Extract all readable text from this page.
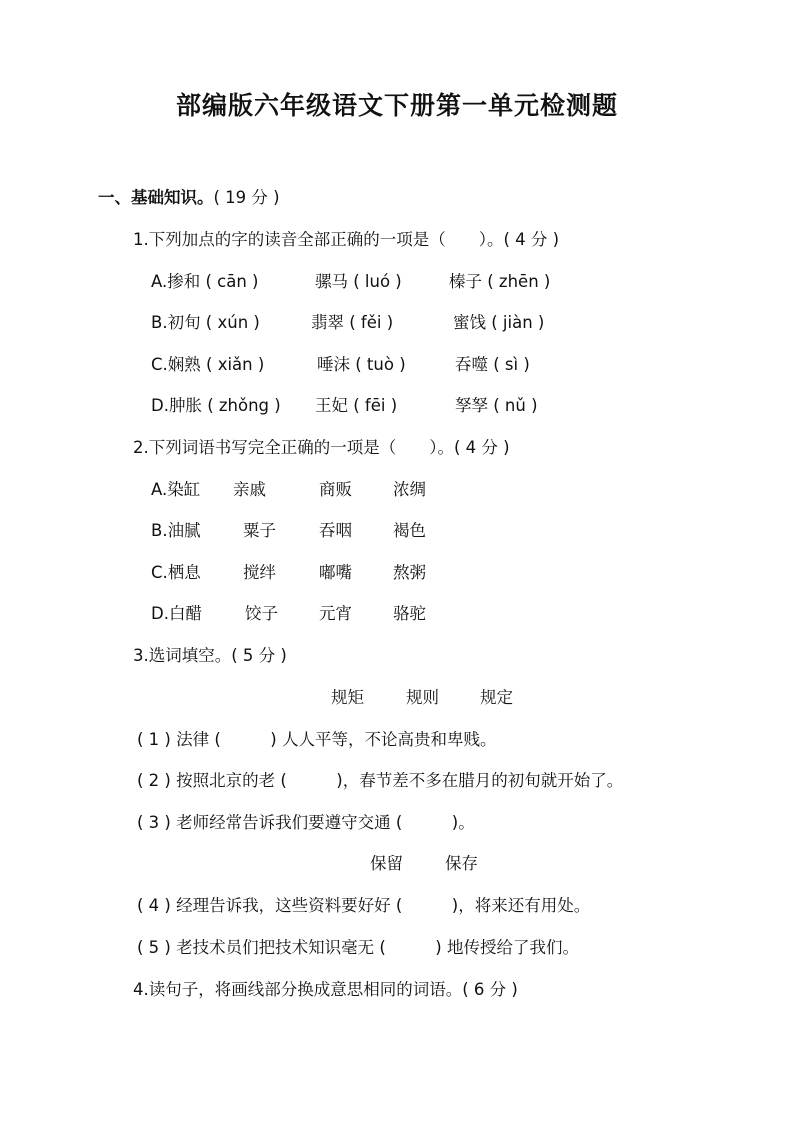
部编版六年级语文下册第一单元检测题
一、基础知识。( 19 分 )
1.下列加点的字的读音全部正确的一项是（　　）。( 4 分 )
A.掺和 ( cān )	骡马 ( luó )	榛子 ( zhēn )
B.初旬 ( xún )	翡翠 ( fěi )	蜜饯 ( jiàn )
C.娴熟 ( xiǎn )	唾沫 ( tuò )	吞噬 ( sì )
D.肿胀 ( zhǒng ) 王妃 ( fēi )	孥孥 ( nǔ )
2.下列词语书写完全正确的一项是（　　）。( 4 分 )
A.染缸 亲戚	商贩 浓绸
B.油腻	粟子	吞咽 褐色
C.栖息	搅绊	嘟嘴 熬粥
D.白醋	饺子 元宵 骆驼
3.选词填空。( 5 分 )
规矩	规则 规定
( 1 ) 法律 (　　　) 人人平等，不论高贵和卑贱。
( 2 ) 按照北京的老 (　　　)，春节差不多在腊月的初旬就开始了。
( 3 ) 老师经常告诉我们要遵守交通 (　　　)。
保留	保存
( 4 ) 经理告诉我，这些资料要好好 (　　　)，将来还有用处。
( 5 ) 老技术员们把技术知识毫无 (　　　) 地传授给了我们。
4.读句子，将画线部分换成意思相同的词语。( 6 分 )
